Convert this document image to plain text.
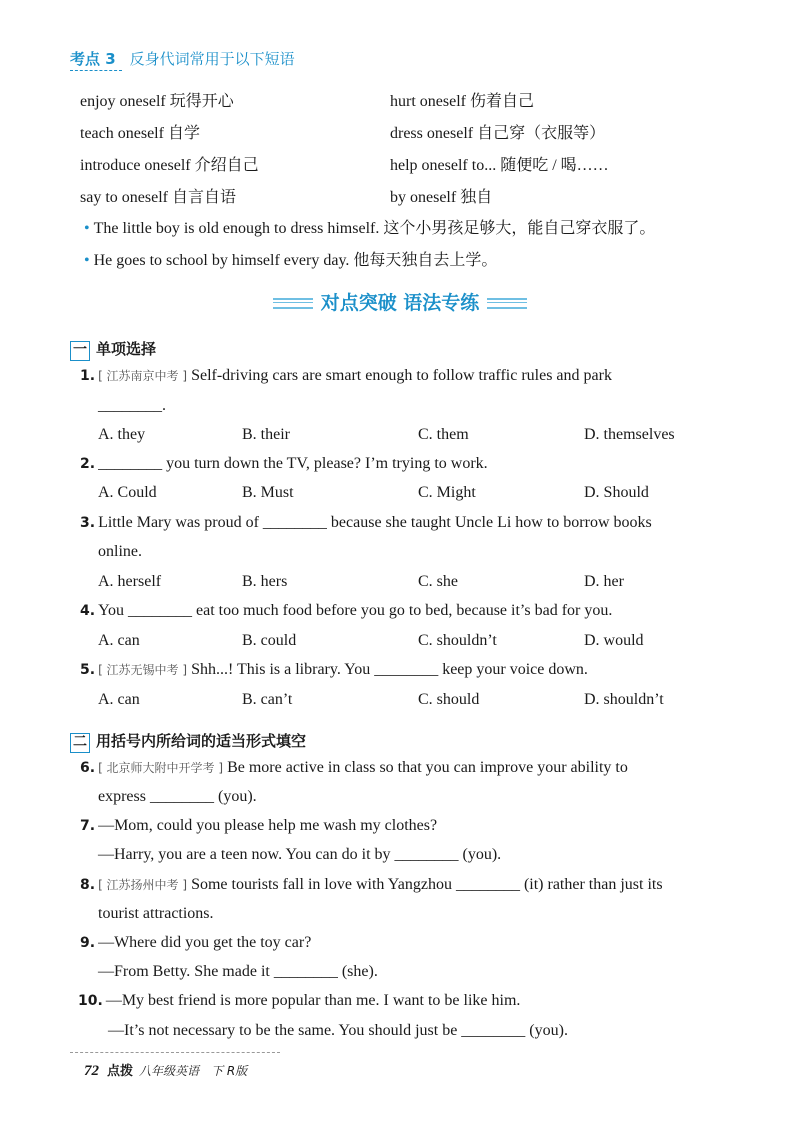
考点 3 反身代词常用于以下短语
enjoy oneself 玩得开心	hurt oneself 伤着自己
teach oneself 自学	dress oneself 自己穿（衣服等）
introduce oneself 介绍自己	help oneself to... 随便吃 / 喝……
say to oneself 自言自语	by oneself 独自
• The little boy is old enough to dress himself. 这个小男孩足够大，能自己穿衣服了。
• He goes to school by himself every day. 他每天独自去上学。
对点突破 语法专练
一 单项选择
1. [ 江苏南京中考 ] Self-driving cars are smart enough to follow traffic rules and park
________.
A. they	B. their	C. them	D. themselves
2. ________ you turn down the TV, please? I’m trying to work.
A. Could	B. Must	C. Might	D. Should
3. Little Mary was proud of ________ because she taught Uncle Li how to borrow books
online.
A. herself	B. hers	C. she	D. her
4. You ________ eat too much food before you go to bed, because it’s bad for you.
A. can	B. could	C. shouldn’t	D. would
5. [ 江苏无锡中考 ] Shh...! This is a library. You ________ keep your voice down.
A. can	B. can’t	C. should	D. shouldn’t
二 用括号内所给词的适当形式填空
6. [ 北京师大附中开学考 ] Be more active in class so that you can improve your ability to
express ________ (you).
7. —Mom, could you please help me wash my clothes?
—Harry, you are a teen now. You can do it by ________ (you).
8. [ 江苏扬州中考 ] Some tourists fall in love with Yangzhou ________ (it) rather than just its
tourist attractions.
9. —Where did you get the toy car?
—From Betty. She made it ________ (she).
10. —My best friend is more popular than me. I want to be like him.
—It’s not necessary to be the same. You should just be ________ (you).
72 点拨 八年级英语　下 R版
